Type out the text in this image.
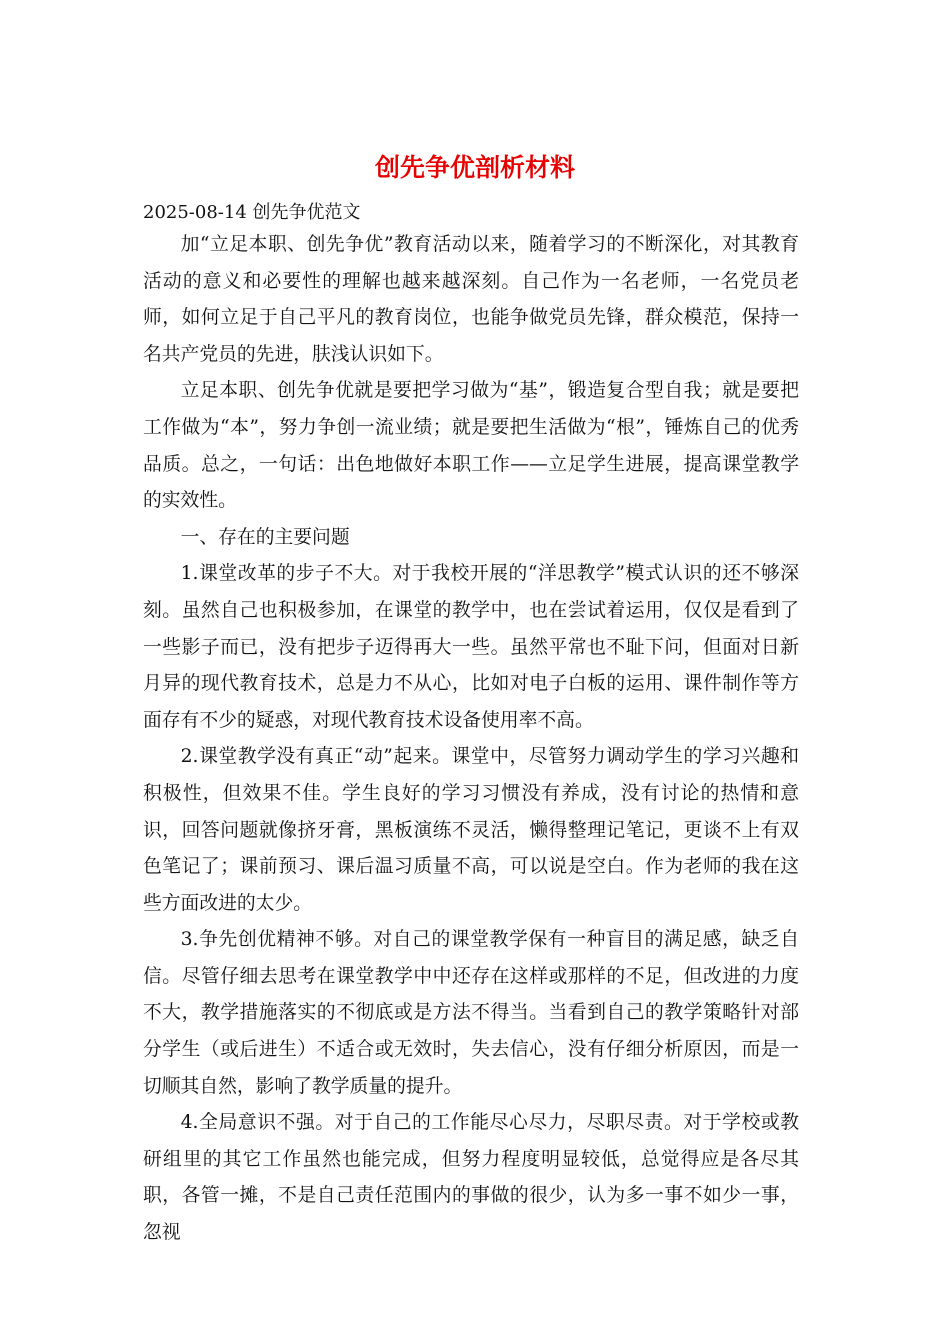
创先争优剖析材料
2025-08-14 创先争优范文

加“立足本职、创先争优”教育活动以来，随着学习的不断深化，对其教育活动的意义和必要性的理解也越来越深刻。自己作为一名老师，一名党员老师，如何立足于自己平凡的教育岗位，也能争做党员先锋，群众模范，保持一名共产党员的先进，肤浅认识如下。

立足本职、创先争优就是要把学习做为“基”，锻造复合型自我；就是要把工作做为“本”，努力争创一流业绩；就是要把生活做为“根”，锤炼自己的优秀品质。总之，一句话：出色地做好本职工作——立足学生进展，提高课堂教学的实效性。

一、存在的主要问题

1.课堂改革的步子不大。对于我校开展的“洋思教学”模式认识的还不够深刻。虽然自己也积极参加，在课堂的教学中，也在尝试着运用，仅仅是看到了一些影子而已，没有把步子迈得再大一些。虽然平常也不耻下问，但面对日新月异的现代教育技术，总是力不从心，比如对电子白板的运用、课件制作等方面存有不少的疑惑，对现代教育技术设备使用率不高。

2.课堂教学没有真正“动”起来。课堂中，尽管努力调动学生的学习兴趣和积极性，但效果不佳。学生良好的学习习惯没有养成，没有讨论的热情和意识，回答问题就像挤牙膏，黑板演练不灵活，懒得整理记笔记，更谈不上有双色笔记了；课前预习、课后温习质量不高，可以说是空白。作为老师的我在这些方面改进的太少。

3.争先创优精神不够。对自己的课堂教学保有一种盲目的满足感，缺乏自信。尽管仔细去思考在课堂教学中中还存在这样或那样的不足，但改进的力度不大，教学措施落实的不彻底或是方法不得当。当看到自己的教学策略针对部分学生（或后进生）不适合或无效时，失去信心，没有仔细分析原因，而是一切顺其自然，影响了教学质量的提升。

4.全局意识不强。对于自己的工作能尽心尽力，尽职尽责。对于学校或教研组里的其它工作虽然也能完成，但努力程度明显较低，总觉得应是各尽其职，各管一摊，不是自己责任范围内的事做的很少，认为多一事不如少一事，忽视
